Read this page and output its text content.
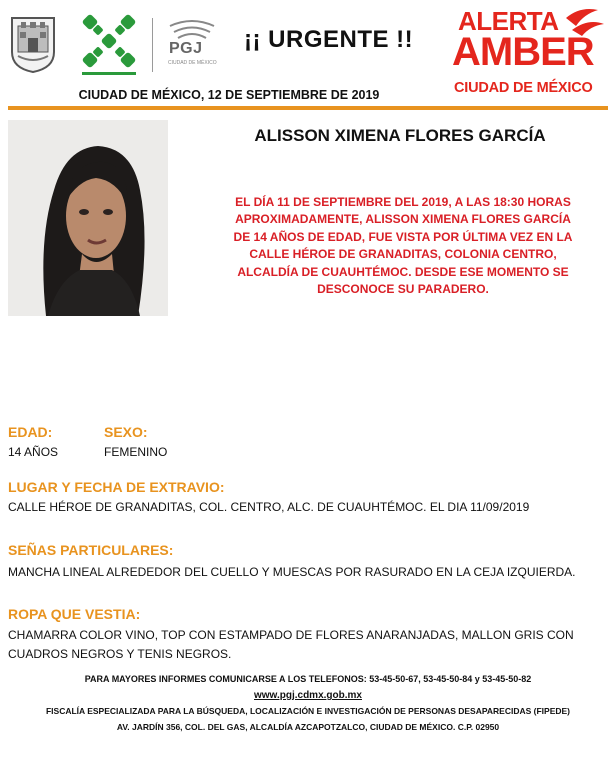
PGJ
CIUDAD DE MÉXICO
¡¡ URGENTE !!
ALERTA
AMBER
CIUDAD DE MÉXICO
CIUDAD DE MÉXICO, 12 DE SEPTIEMBRE DE 2019
ALISSON XIMENA FLORES GARCÍA
EL DÍA 11 DE SEPTIEMBRE DEL 2019, A LAS 18:30 HORAS APROXIMADAMENTE, ALISSON XIMENA FLORES GARCÍA DE 14 AÑOS DE EDAD, FUE VISTA POR ÚLTIMA VEZ EN LA CALLE HÉROE DE GRANADITAS, COLONIA CENTRO, ALCALDÍA DE CUAUHTÉMOC. DESDE ESE MOMENTO SE DESCONOCE SU PARADERO.
EDAD:
14 AÑOS
SEXO:
FEMENINO
LUGAR Y FECHA DE EXTRAVIO:
CALLE HÉROE DE GRANADITAS, COL. CENTRO, ALC. DE CUAUHTÉMOC. EL DIA 11/09/2019
SEÑAS PARTICULARES:
MANCHA LINEAL ALREDEDOR DEL CUELLO Y MUESCAS POR RASURADO EN LA CEJA IZQUIERDA.
ROPA QUE VESTIA:
CHAMARRA COLOR VINO, TOP CON ESTAMPADO DE FLORES ANARANJADAS, MALLON GRIS CON
CUADROS NEGROS Y TENIS NEGROS.
PARA MAYORES INFORMES COMUNICARSE A LOS TELEFONOS: 53-45-50-67, 53-45-50-84 y 53-45-50-82
www.pgj.cdmx.gob.mx
FISCALÍA ESPECIALIZADA PARA LA BÚSQUEDA, LOCALIZACIÓN E INVESTIGACIÓN DE PERSONAS DESAPARECIDAS (FIPEDE)
AV. JARDÍN 356, COL. DEL GAS, ALCALDÍA AZCAPOTZALCO, CIUDAD DE MÉXICO. C.P. 02950
